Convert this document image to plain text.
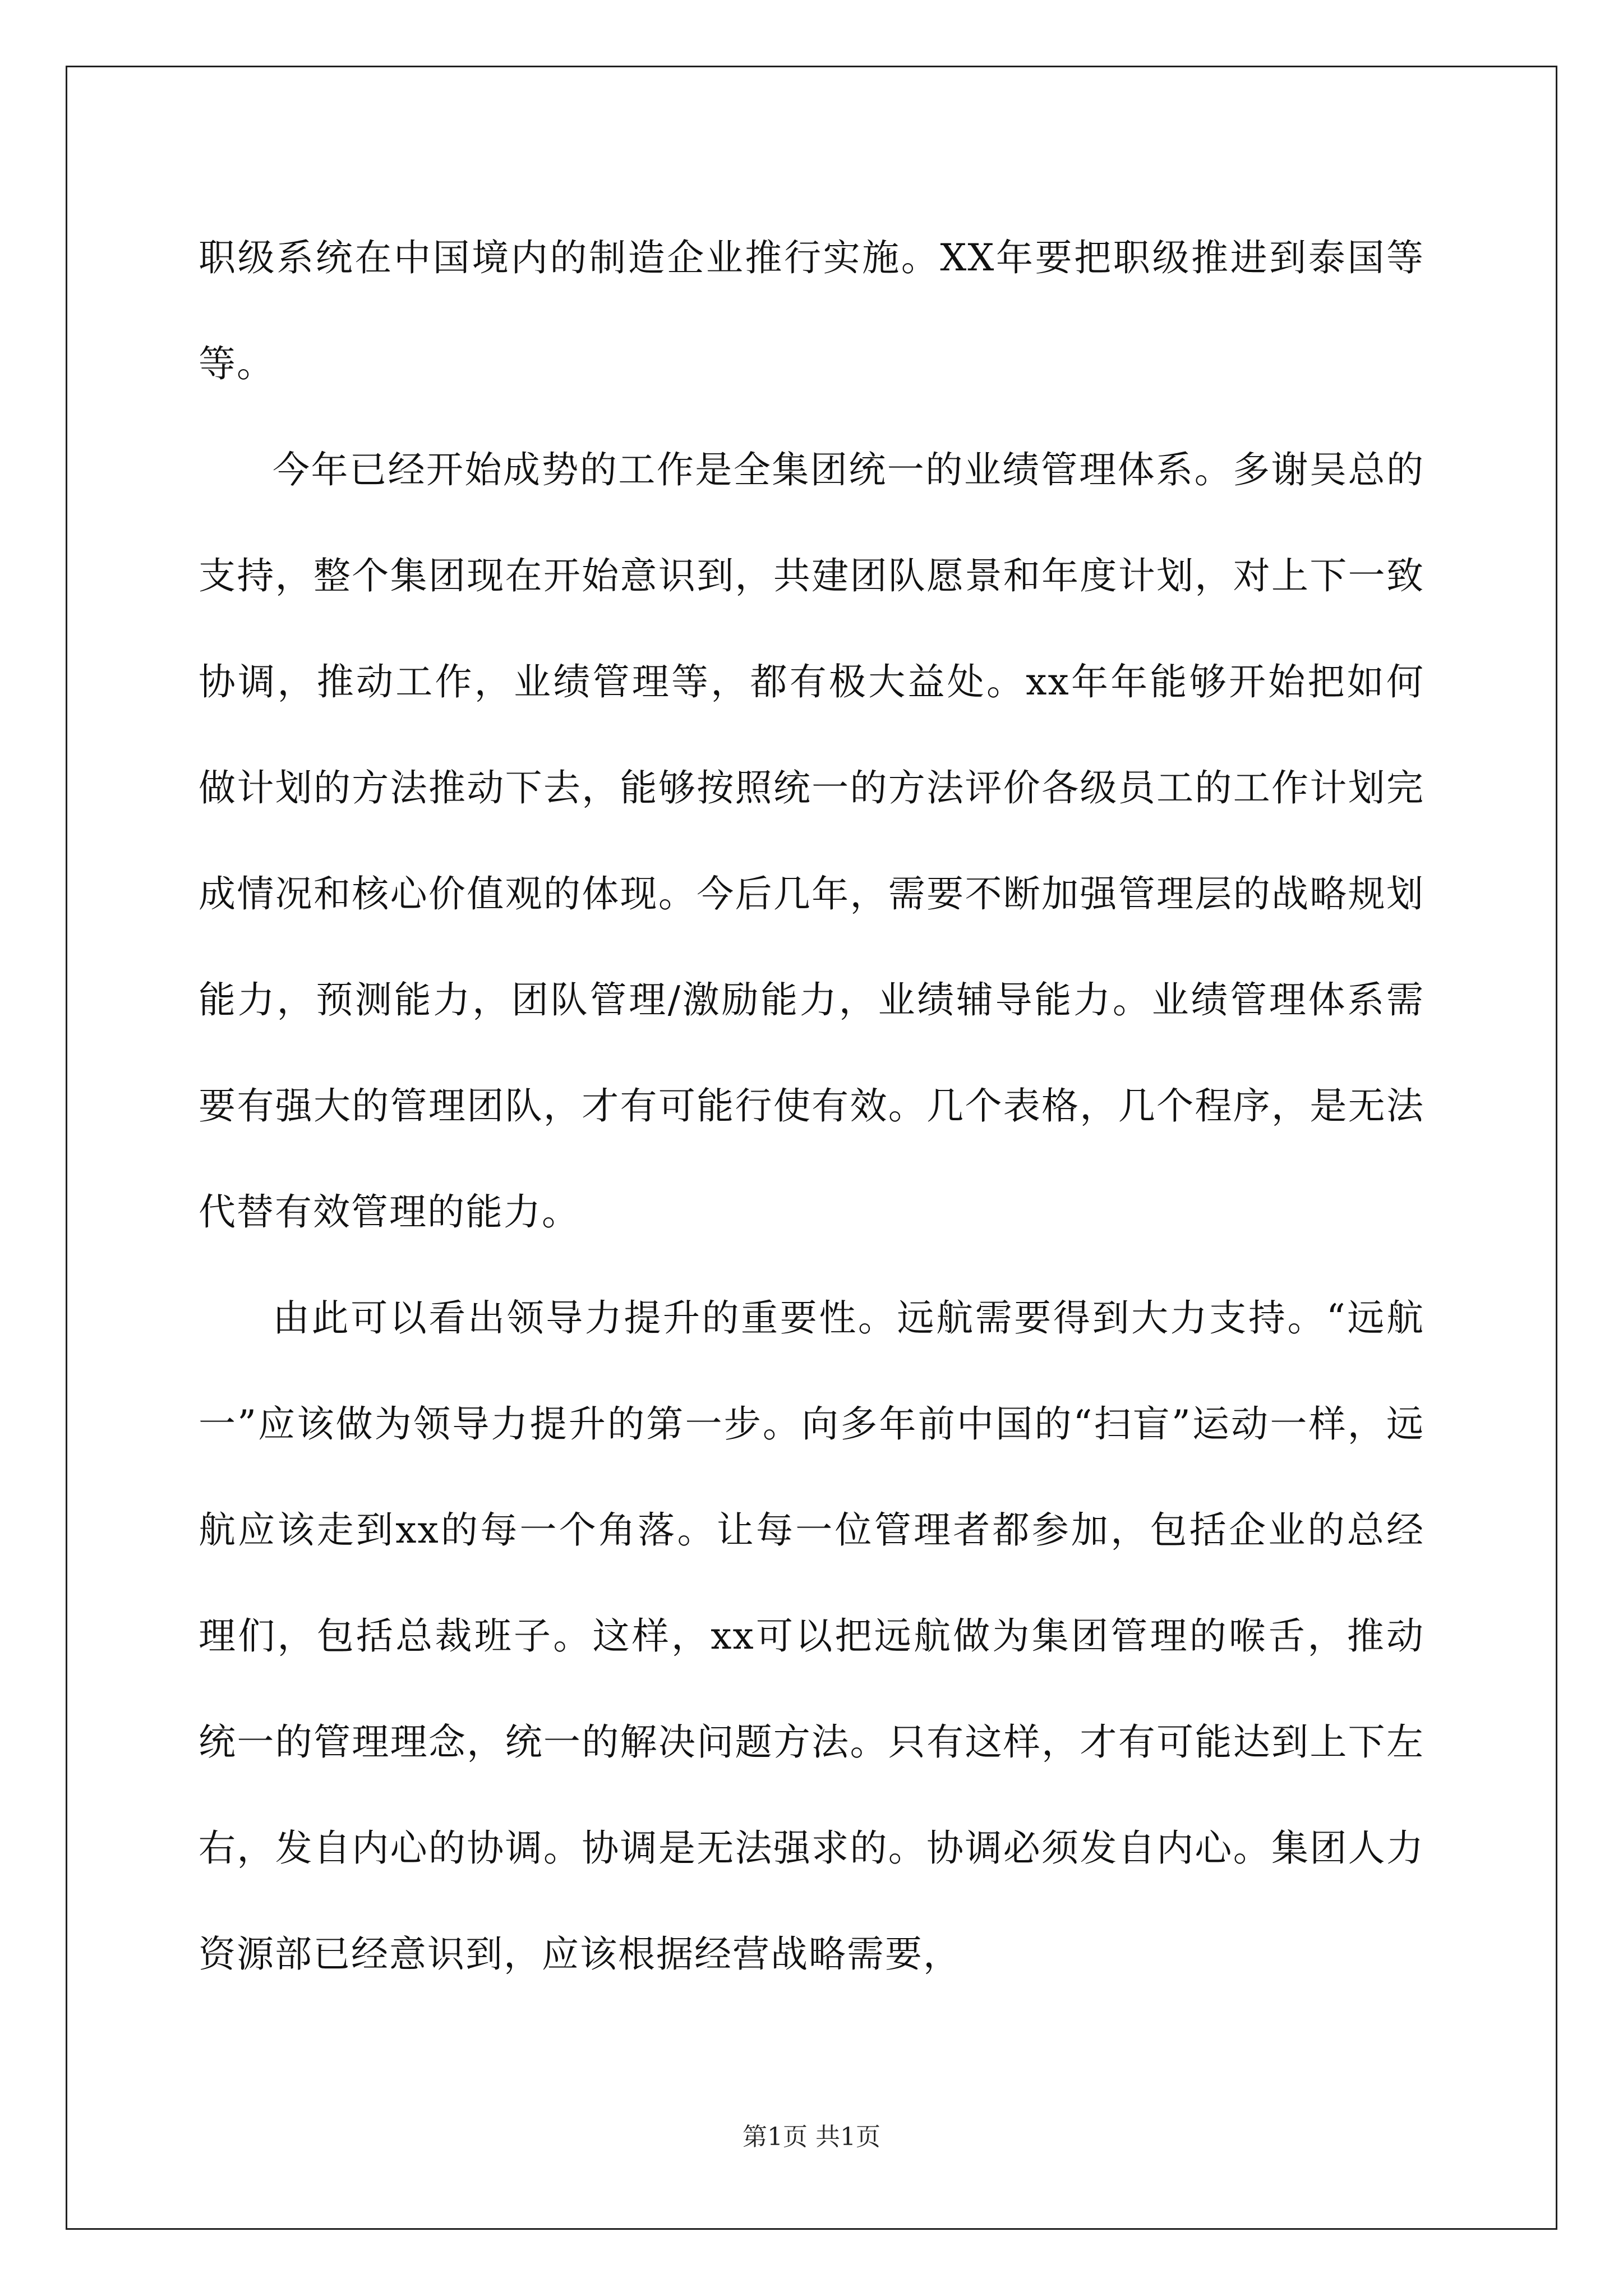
职级系统在中国境内的制造企业推行实施。XX年要把职级推进到泰国等等。

今年已经开始成势的工作是全集团统一的业绩管理体系。多谢吴总的支持，整个集团现在开始意识到，共建团队愿景和年度计划，对上下一致协调，推动工作，业绩管理等，都有极大益处。xx年年能够开始把如何做计划的方法推动下去，能够按照统一的方法评价各级员工的工作计划完成情况和核心价值观的体现。今后几年，需要不断加强管理层的战略规划能力，预测能力，团队管理/激励能力，业绩辅导能力。业绩管理体系需要有强大的管理团队，才有可能行使有效。几个表格，几个程序，是无法代替有效管理的能力。

由此可以看出领导力提升的重要性。远航需要得到大力支持。“远航一”应该做为领导力提升的第一步。向多年前中国的“扫盲”运动一样，远航应该走到xx的每一个角落。让每一位管理者都参加，包括企业的总经理们，包括总裁班子。这样，xx可以把远航做为集团管理的喉舌，推动统一的管理理念，统一的解决问题方法。只有这样，才有可能达到上下左右，发自内心的协调。协调是无法强求的。协调必须发自内心。集团人力资源部已经意识到，应该根据经营战略需要，

第1页 共1页
